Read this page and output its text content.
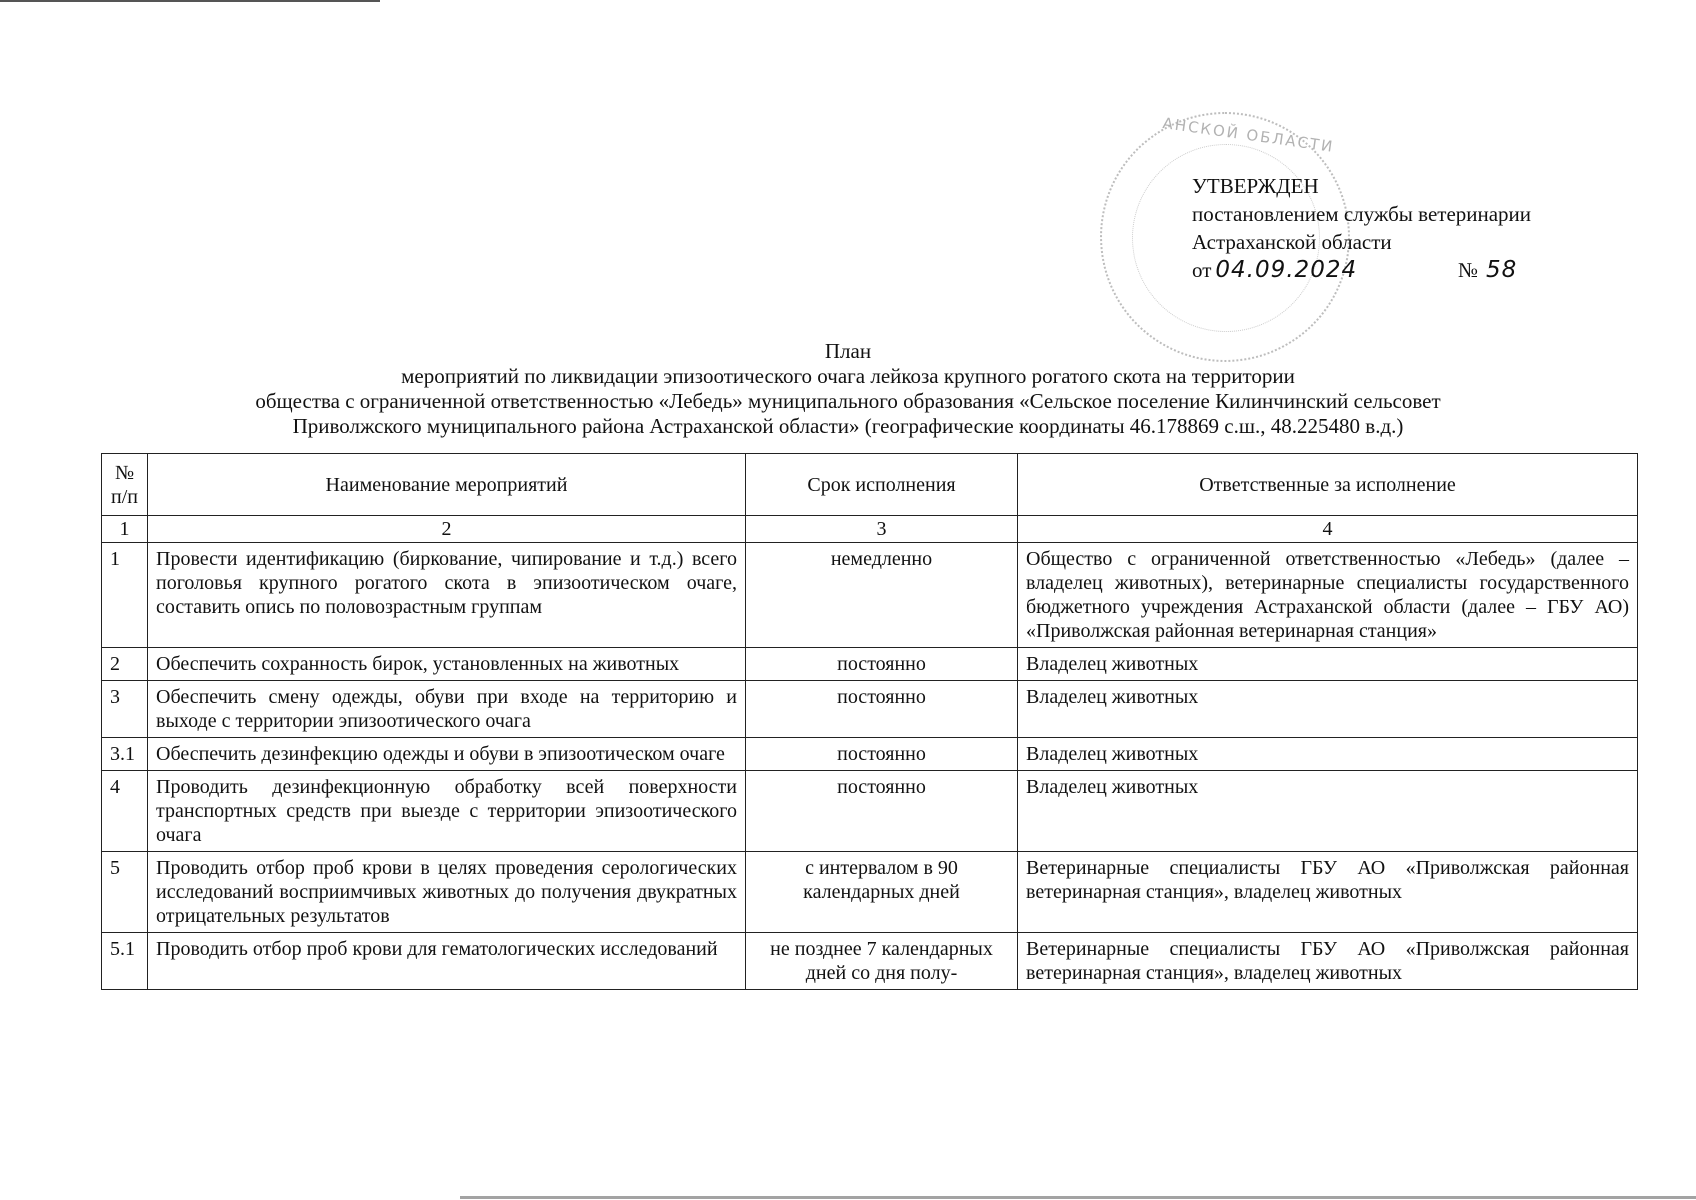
АНСКОЙ ОБЛАСТИ
УТВЕРЖДЕН
постановлением службы ветеринарии
Астраханской области
от 04.09.2024	№ 58
План
мероприятий по ликвидации эпизоотического очага лейкоза крупного рогатого скота на территории
общества с ограниченной ответственностью «Лебедь» муниципального образования «Сельское поселение Килинчинский сельсовет
Приволжского муниципального района Астраханской области» (географические координаты 46.178869 с.ш., 48.225480 в.д.)
№ п/п	Наименование мероприятий	Срок исполнения	Ответственные за исполнение
1	2	3	4
1	Провести идентификацию (биркование, чипирование и т.д.) всего поголовья крупного рогатого скота в эпизоотическом очаге, составить опись по половозрастным группам	немедленно	Общество с ограниченной ответственностью «Лебедь» (далее – владелец животных), ветеринарные специалисты государственного бюджетного учреждения Астраханской области (далее – ГБУ АО) «Приволжская районная ветеринарная станция»
2	Обеспечить сохранность бирок, установленных на животных	постоянно	Владелец животных
3	Обеспечить смену одежды, обуви при входе на территорию и выходе с территории эпизоотического очага	постоянно	Владелец животных
3.1	Обеспечить дезинфекцию одежды и обуви в эпизоотическом очаге	постоянно	Владелец животных
4	Проводить дезинфекционную обработку всей поверхности транспортных средств при выезде с территории эпизоотического очага	постоянно	Владелец животных
5	Проводить отбор проб крови в целях проведения серологических исследований восприимчивых животных до получения двукратных отрицательных результатов	с интервалом в 90 календарных дней	Ветеринарные специалисты ГБУ АО «Приволжская районная ветеринарная станция», владелец животных
5.1	Проводить отбор проб крови для гематологических исследований	не позднее 7 календарных дней со дня полу-	Ветеринарные специалисты ГБУ АО «Приволжская районная ветеринарная станция», владелец животных
